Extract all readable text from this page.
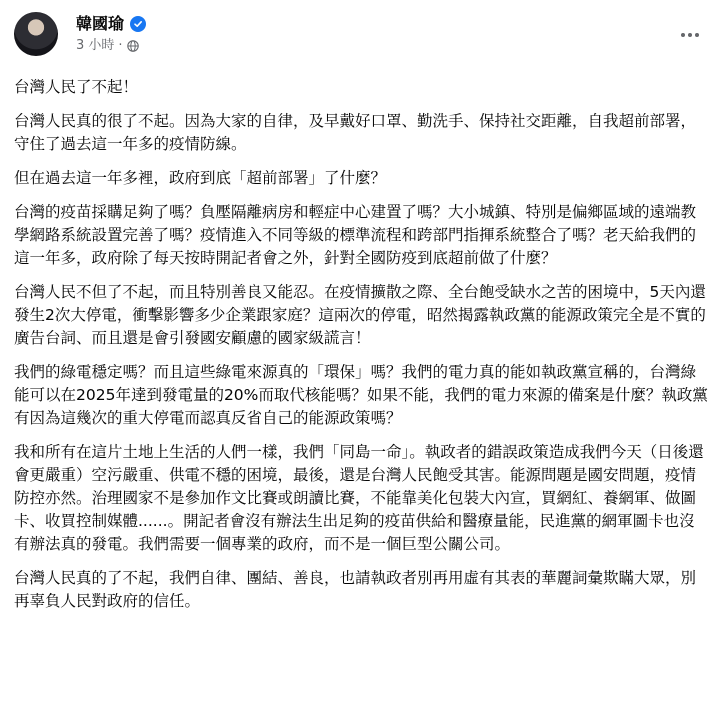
韓國瑜
3 小時 ·

台灣人民了不起！

台灣人民真的很了不起。因為大家的自律，及早戴好口罩、勤洗手、保持社交距離，自我超前部署，守住了過去這一年多的疫情防線。

但在過去這一年多裡，政府到底「超前部署」了什麼？

台灣的疫苗採購足夠了嗎？負壓隔離病房和輕症中心建置了嗎？大小城鎮、特別是偏鄉區域的遠端教學網路系統設置完善了嗎？疫情進入不同等級的標準流程和跨部門指揮系統整合了嗎？老天給我們的這一年多，政府除了每天按時開記者會之外，針對全國防疫到底超前做了什麼？

台灣人民不但了不起，而且特別善良又能忍。在疫情擴散之際、全台飽受缺水之苦的困境中，5天內還發生2次大停電，衝擊影響多少企業跟家庭？這兩次的停電，昭然揭露執政黨的能源政策完全是不實的廣告台詞、而且還是會引發國安顧慮的國家級謊言！

我們的綠電穩定嗎？而且這些綠電來源真的「環保」嗎？我們的電力真的能如執政黨宣稱的，台灣綠能可以在2025年達到發電量的20%而取代核能嗎？如果不能，我們的電力來源的備案是什麼？執政黨有因為這幾次的重大停電而認真反省自己的能源政策嗎？

我和所有在這片土地上生活的人們一樣，我們「同島一命」。執政者的錯誤政策造成我們今天（日後還會更嚴重）空污嚴重、供電不穩的困境，最後，還是台灣人民飽受其害。能源問題是國安問題，疫情防控亦然。治理國家不是參加作文比賽或朗讀比賽，不能靠美化包裝大內宣，買網紅、養網軍、做圖卡、收買控制媒體......。開記者會沒有辦法生出足夠的疫苗供給和醫療量能，民進黨的網軍圖卡也沒有辦法真的發電。我們需要一個專業的政府，而不是一個巨型公關公司。

台灣人民真的了不起，我們自律、團結、善良，也請執政者別再用虛有其表的華麗詞彙欺瞞大眾，別再辜負人民對政府的信任。
